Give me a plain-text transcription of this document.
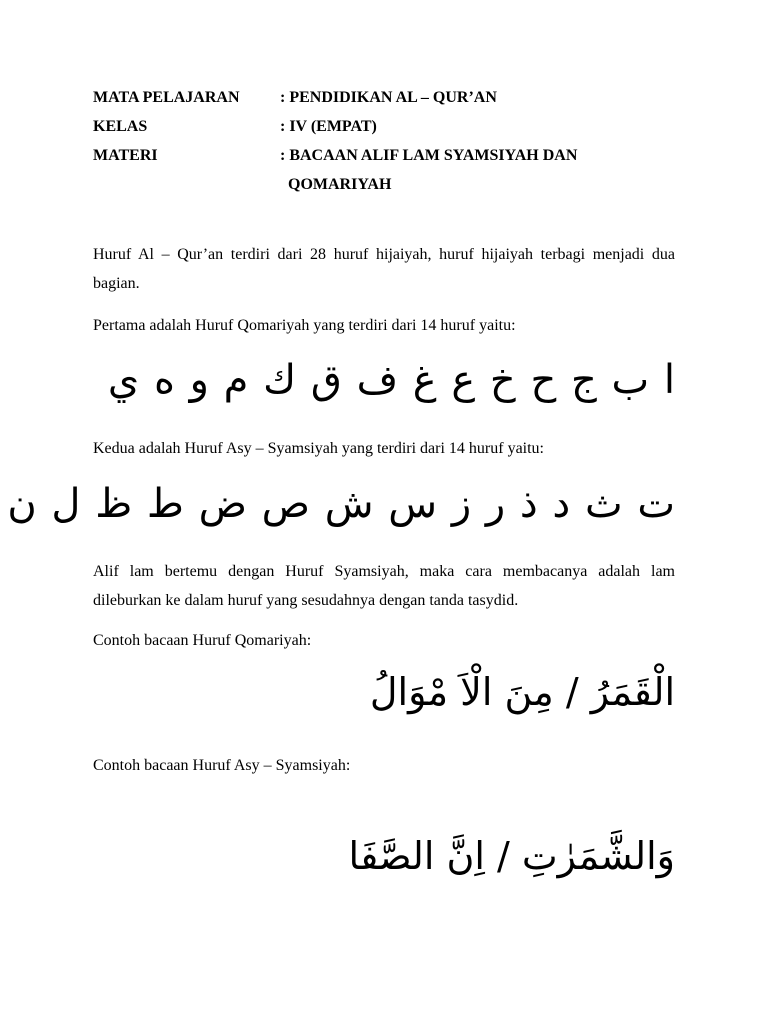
MATA PELAJARAN	: PENDIDIKAN AL – QUR’AN
KELAS	: IV (EMPAT)
MATERI	: BACAAN ALIF LAM SYAMSIYAH DAN
QOMARIYAH
Huruf Al – Qur’an terdiri dari 28 huruf hijaiyah, huruf hijaiyah terbagi menjadi dua bagian.
Pertama adalah Huruf Qomariyah yang terdiri dari 14 huruf yaitu:
ا ب ج ح خ ع غ ف ق ك م و ه ي
Kedua adalah Huruf Asy – Syamsiyah yang terdiri dari 14 huruf yaitu:
ت ث د ذ ر ز س ش ص ض ط ظ ل ن
Alif lam bertemu dengan Huruf Syamsiyah, maka cara membacanya adalah lam dileburkan ke dalam huruf yang sesudahnya dengan tanda tasydid.
Contoh bacaan Huruf Qomariyah:
الْقَمَرُ / مِنَ الْاَ مْوَالُ
Contoh bacaan Huruf Asy – Syamsiyah:
وَالشَّمَرٰتِ / اِنَّ الصَّفَا
